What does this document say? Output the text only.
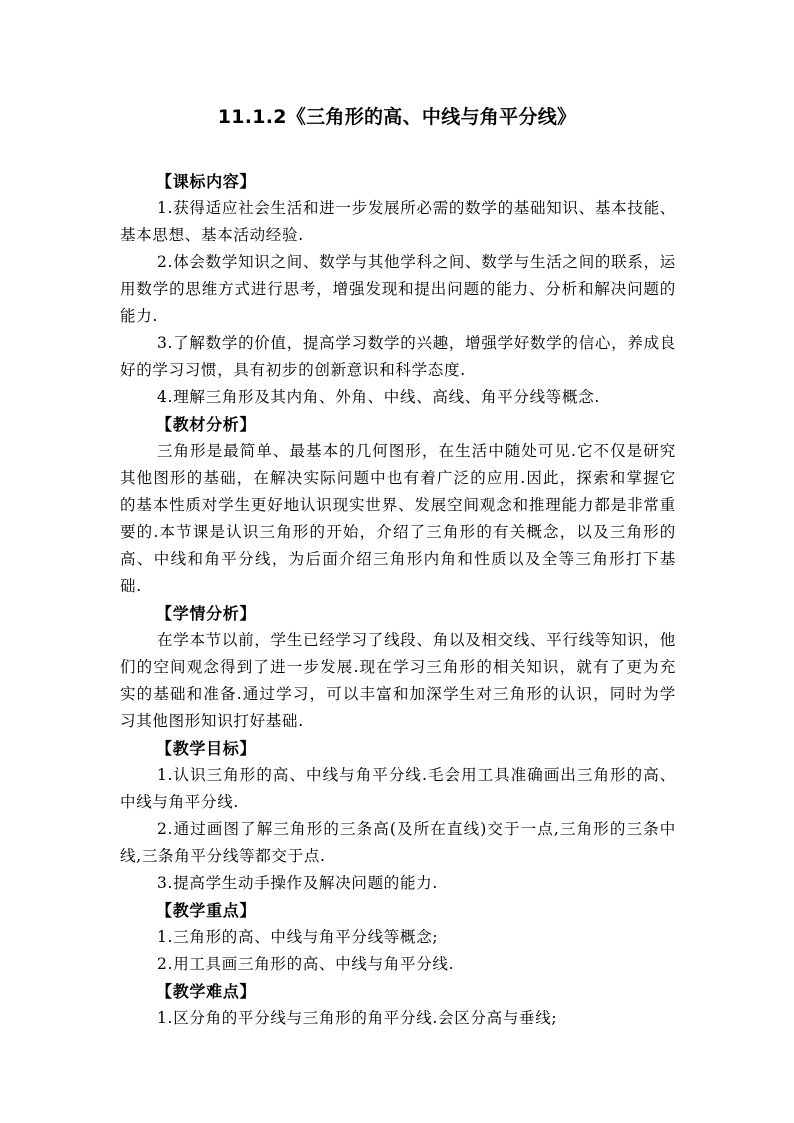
11.1.2《三角形的高、中线与角平分线》

【课标内容】

1.获得适应社会生活和进一步发展所必需的数学的基础知识、基本技能、基本思想、基本活动经验.

2.体会数学知识之间、数学与其他学科之间、数学与生活之间的联系，运用数学的思维方式进行思考，增强发现和提出问题的能力、分析和解决问题的能力.

3.了解数学的价值，提高学习数学的兴趣，增强学好数学的信心，养成良好的学习习惯，具有初步的创新意识和科学态度.

4.理解三角形及其内角、外角、中线、高线、角平分线等概念.

【教材分析】

三角形是最简单、最基本的几何图形，在生活中随处可见.它不仅是研究其他图形的基础，在解决实际问题中也有着广泛的应用.因此，探索和掌握它的基本性质对学生更好地认识现实世界、发展空间观念和推理能力都是非常重要的.本节课是认识三角形的开始，介绍了三角形的有关概念，以及三角形的高、中线和角平分线，为后面介绍三角形内角和性质以及全等三角形打下基础.

【学情分析】

在学本节以前，学生已经学习了线段、角以及相交线、平行线等知识，他们的空间观念得到了进一步发展.现在学习三角形的相关知识，就有了更为充实的基础和准备.通过学习，可以丰富和加深学生对三角形的认识，同时为学习其他图形知识打好基础.

【教学目标】

1.认识三角形的高、中线与角平分线.毛会用工具准确画出三角形的高、中线与角平分线.

2.通过画图了解三角形的三条高(及所在直线)交于一点,三角形的三条中线,三条角平分线等都交于点.

3.提高学生动手操作及解决问题的能力.

【教学重点】

1.三角形的高、中线与角平分线等概念;

2.用工具画三角形的高、中线与角平分线.

【教学难点】

1.区分角的平分线与三角形的角平分线.会区分高与垂线;
